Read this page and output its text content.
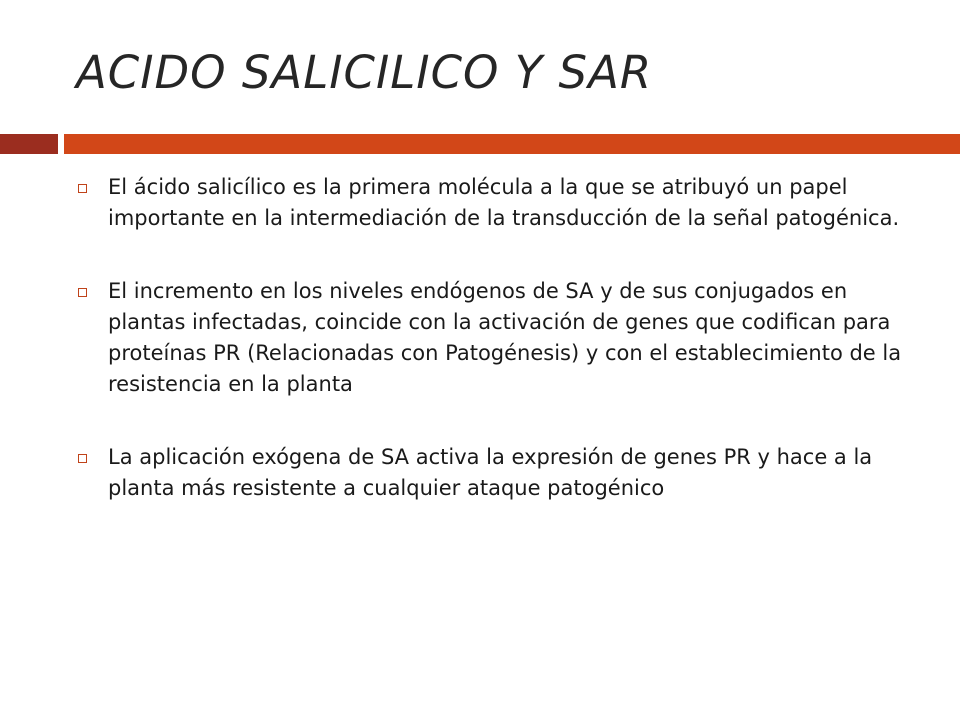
ACIDO SALICILICO Y SAR
El ácido salicílico es la primera molécula a la que se atribuyó un papel importante en la intermediación de la transducción de la señal patogénica.
El incremento en los niveles endógenos de SA y de sus conjugados en plantas infectadas, coincide con la activación de genes que codifican para proteínas PR (Relacionadas con Patogénesis) y con el establecimiento de la resistencia en la planta
La aplicación exógena de SA activa la expresión de genes PR y hace a la planta más resistente a cualquier ataque patogénico
